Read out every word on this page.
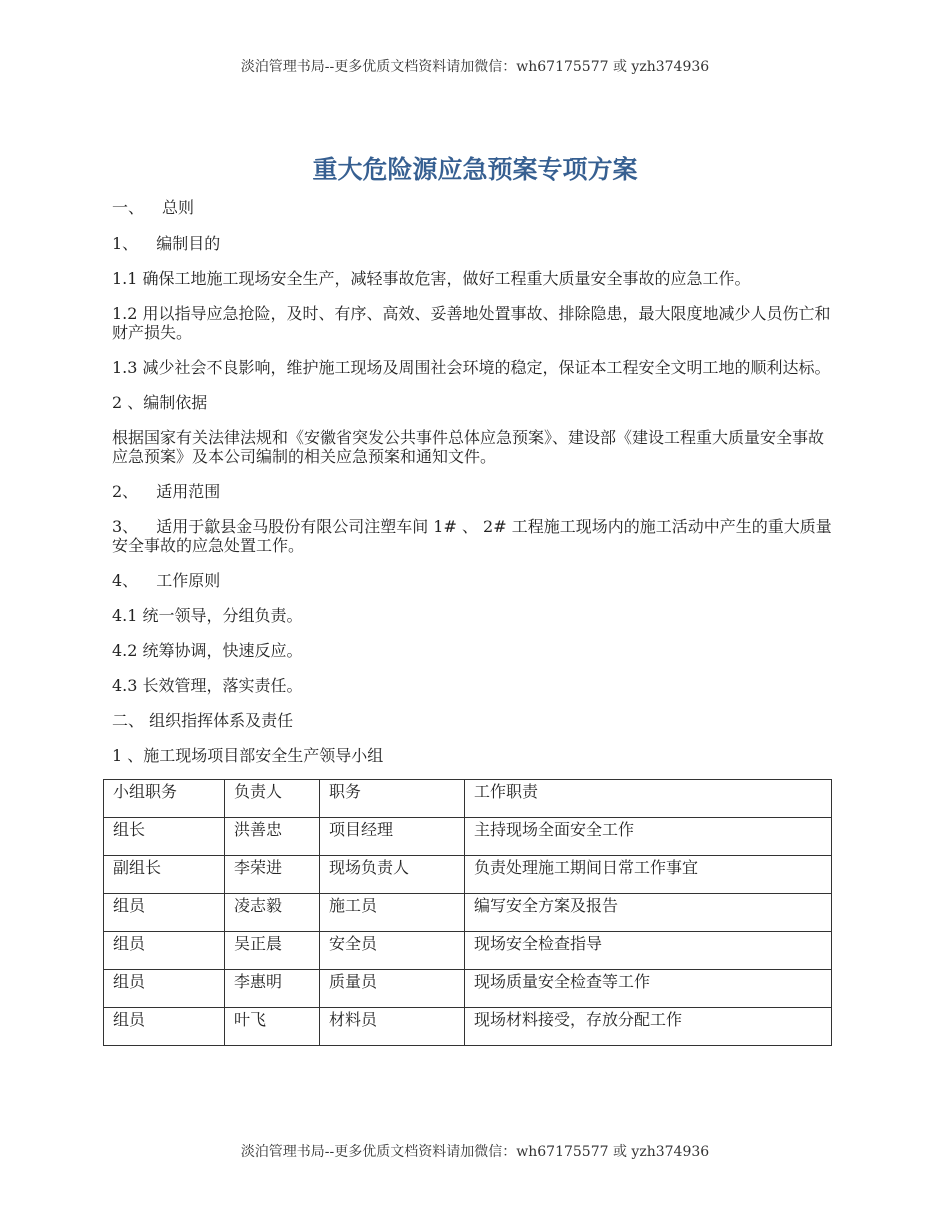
淡泊管理书局--更多优质文档资料请加微信：wh67175577 或 yzh374936
重大危险源应急预案专项方案

一、 总则

1、 编制目的

1.1 确保工地施工现场安全生产，减轻事故危害，做好工程重大质量安全事故的应急工作。

1.2 用以指导应急抢险，及时、有序、高效、妥善地处置事故、排除隐患，最大限度地减少人员伤亡和财产损失。

1.3 减少社会不良影响，维护施工现场及周围社会环境的稳定，保证本工程安全文明工地的顺利达标。

2 、编制依据

根据国家有关法律法规和《安徽省突发公共事件总体应急预案》、建设部《建设工程重大质量安全事故应急预案》及本公司编制的相关应急预案和通知文件。

2、 适用范围

3、 适用于歙县金马股份有限公司注塑车间 1# 、 2# 工程施工现场内的施工活动中产生的重大质量安全事故的应急处置工作。

4、 工作原则

4.1 统一领导，分组负责。

4.2 统筹协调，快速反应。

4.3 长效管理，落实责任。

二、 组织指挥体系及责任

1 、施工现场项目部安全生产领导小组

小组职务	负责人	职务	工作职责
组长	洪善忠	项目经理	主持现场全面安全工作
副组长	李荣进	现场负责人	负责处理施工期间日常工作事宜
组员	凌志毅	施工员	编写安全方案及报告
组员	吴正晨	安全员	现场安全检查指导
组员	李惠明	质量员	现场质量安全检查等工作
组员	叶飞	材料员	现场材料接受，存放分配工作
淡泊管理书局--更多优质文档资料请加微信：wh67175577 或 yzh374936
